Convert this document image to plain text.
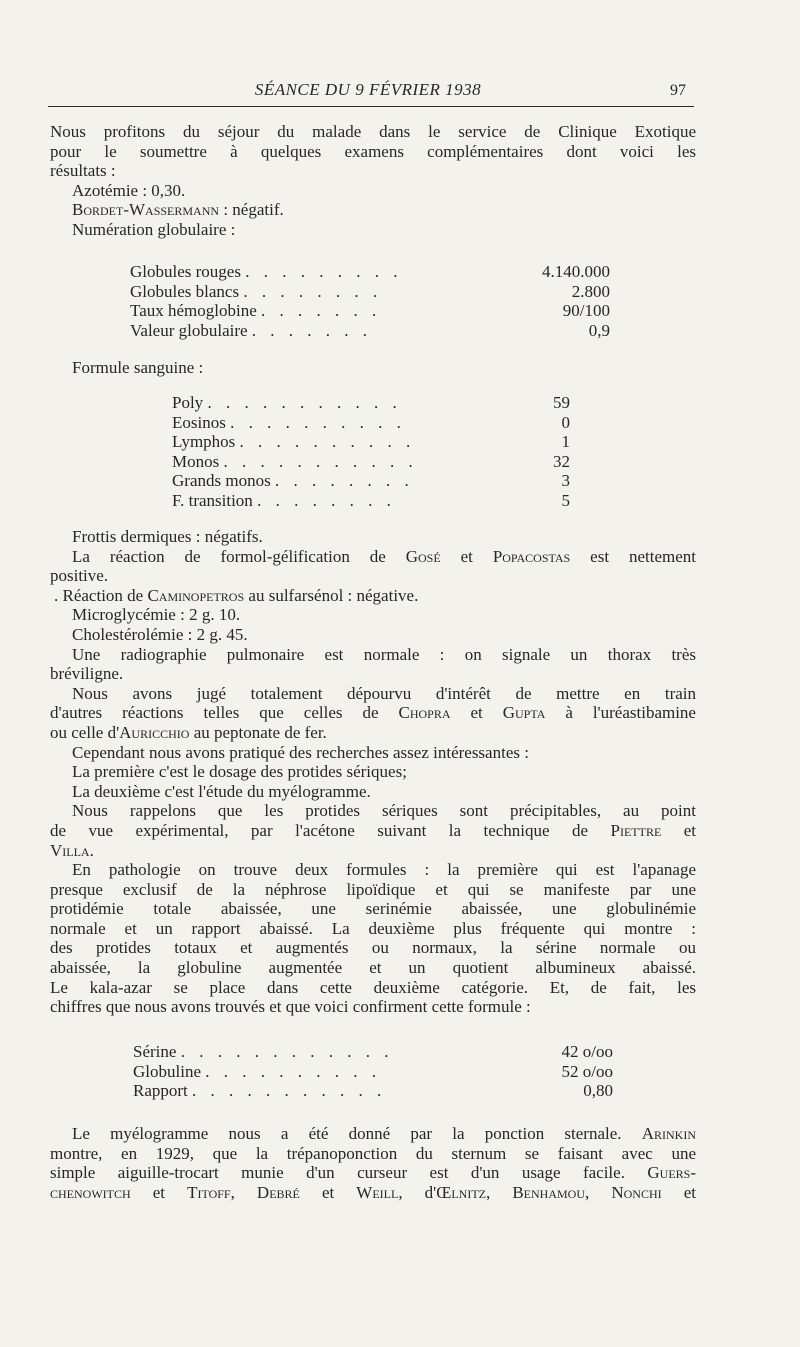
SÉANCE DU 9 FÉVRIER 1938	97
Nous profitons du séjour du malade dans le service de Clinique Exotique
pour le soumettre à quelques examens complémentaires dont voici les
résultats :
Azotémie : 0,30.
Bordet-Wassermann : négatif.
Numération globulaire :
Globules rouges . . . . . . . . .	4.140.000
Globules blancs . . . . . . . .	2.800
Taux hémoglobine . . . . . . .	90/100
Valeur globulaire . . . . . . .	0,9
Formule sanguine :
Poly . . . . . . . . . . .	59
Eosinos . . . . . . . . . .	0
Lymphos . . . . . . . . . .	1
Monos . . . . . . . . . . .	32
Grands monos . . . . . . . .	3
F. transition . . . . . . . .	5
Frottis dermiques : négatifs.
La réaction de formol-gélification de Gosé et Popacostas est nettement
positive.
. Réaction de Caminopetros au sulfarsénol : négative.
Microglycémie : 2 g. 10.
Cholestérolémie : 2 g. 45.
Une radiographie pulmonaire est normale : on signale un thorax très
bréviligne.
Nous avons jugé totalement dépourvu d'intérêt de mettre en train
d'autres réactions telles que celles de Chopra et Gupta à l'uréastibamine
ou celle d'Auricchio au peptonate de fer.
Cependant nous avons pratiqué des recherches assez intéressantes :
La première c'est le dosage des protides sériques;
La deuxième c'est l'étude du myélogramme.
Nous rappelons que les protides sériques sont précipitables, au point
de vue expérimental, par l'acétone suivant la technique de Piettre et
Villa.
En pathologie on trouve deux formules : la première qui est l'apanage
presque exclusif de la néphrose lipoïdique et qui se manifeste par une
protidémie totale abaissée, une serinémie abaissée, une globulinémie
normale et un rapport abaissé. La deuxième plus fréquente qui montre :
des protides totaux et augmentés ou normaux, la sérine normale ou
abaissée, la globuline augmentée et un quotient albumineux abaissé.
Le kala-azar se place dans cette deuxième catégorie. Et, de fait, les
chiffres que nous avons trouvés et que voici confirment cette formule :
Sérine . . . . . . . . . . . .	42 o/oo
Globuline . . . . . . . . . .	52 o/oo
Rapport . . . . . . . . . . .	0,80
Le myélogramme nous a été donné par la ponction sternale. Arinkin
montre, en 1929, que la trépanoponction du sternum se faisant avec une
simple aiguille-trocart munie d'un curseur est d'un usage facile. Guers-
chenowitch et Titoff, Debré et Weill, d'Œlnitz, Benhamou, Nonchi et
